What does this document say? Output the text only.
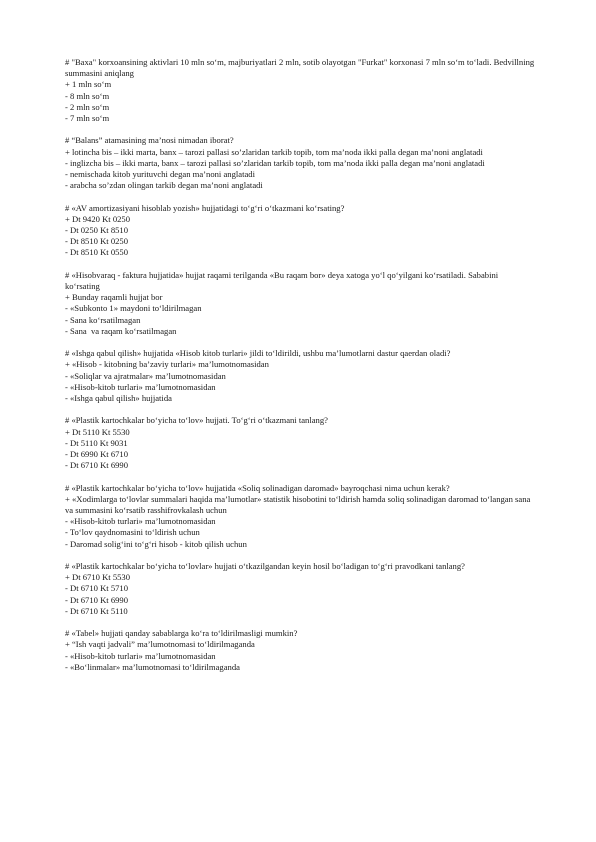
# "Baxa" korxoansining aktivlari 10 mln so‘m, majburiyatlari 2 mln, sotib olayotgan "Furkat" korxonasi 7 mln so‘m to‘ladi. Bedvillning summasini aniqlang
+ 1 mln so‘m
- 8 mln so‘m
- 2 mln so‘m
- 7 mln so‘m
# “Balans” atamasining ma’nosi nimadan iborat?
+ lotincha bis – ikki marta, banx – tarozi pallasi so’zlaridan tarkib topib, tom ma’noda ikki palla degan ma’noni anglatadi
- inglizcha bis – ikki marta, banx – tarozi pallasi so’zlaridan tarkib topib, tom ma’noda ikki palla degan ma’noni anglatadi
- nemischada kitob yurituvchi degan ma’noni anglatadi
- arabcha so’zdan olingan tarkib degan ma’noni anglatadi
# «AV amortizasiyani hisoblab yozish» hujjatidagi to‘g‘ri o‘tkazmani ko‘rsating?
+ Dt 9420 Kt 0250
- Dt 0250 Kt 8510
- Dt 8510 Kt 0250
- Dt 8510 Kt 0550
# «Hisobvaraq - faktura hujjatida» hujjat raqami terilganda «Bu raqam bor» deya xatoga yo‘l qo‘yilgani ko‘rsatiladi. Sababini ko‘rsating
+ Bunday raqamli hujjat bor
- «Subkonto 1» maydoni to‘ldirilmagan
- Sana ko‘rsatilmagan
- Sana  va raqam ko‘rsatilmagan
# «Ishga qabul qilish» hujjatida «Hisob kitob turlari» jildi to‘ldirildi, ushbu ma’lumotlarni dastur qaerdan oladi?
+ «Hisob - kitobning ba’zaviy turlari» ma’lumotnomasidan
- «Soliqlar va ajratmalar» ma’lumotnomasidan
- «Hisob-kitob turlari» ma’lumotnomasidan
- «Ishga qabul qilish» hujjatida
# «Plastik kartochkalar bo‘yicha to‘lov» hujjati. To‘g‘ri o‘tkazmani tanlang?
+ Dt 5110 Kt 5530
- Dt 5110 Kt 9031
- Dt 6990 Kt 6710
- Dt 6710 Kt 6990
# «Plastik kartochkalar bo‘yicha to‘lov» hujjatida «Soliq solinadigan daromad» bayroqchasi nima uchun kerak?
+ «Xodimlarga to‘lovlar summalari haqida ma’lumotlar» statistik hisobotini to‘ldirish hamda soliq solinadigan daromad to‘langan sana va summasini ko‘rsatib rasshifrovkalash uchun
- «Hisob-kitob turlari» ma’lumotnomasidan
- To‘lov qaydnomasini to‘ldirish uchun
- Daromad solig‘ini to‘g‘ri hisob - kitob qilish uchun
# «Plastik kartochkalar bo‘yicha to‘lovlar» hujjati o‘tkazilgandan keyin hosil bo‘ladigan to‘g‘ri pravodkani tanlang?
+ Dt 6710 Kt 5530
- Dt 6710 Kt 5710
- Dt 6710 Kt 6990
- Dt 6710 Kt 5110
# «Tabel» hujjati qanday sabablarga ko‘ra to‘ldirilmasligi mumkin?
+ “Ish vaqti jadvali” ma’lumotnomasi to‘ldirilmaganda
- «Hisob-kitob turlari» ma’lumotnomasidan
- «Bo‘linmalar» ma’lumotnomasi to‘ldirilmaganda
